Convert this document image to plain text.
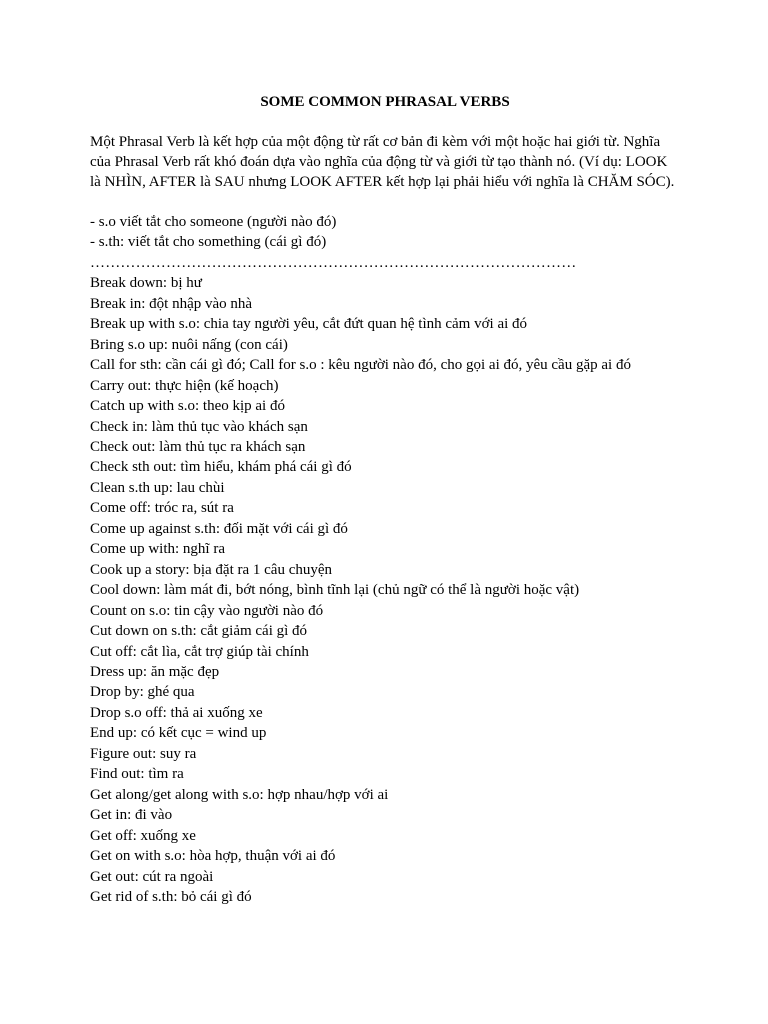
SOME COMMON PHRASAL VERBS
Một Phrasal Verb là kết hợp của một động từ rất cơ bản đi kèm với một hoặc hai giới từ. Nghĩa của Phrasal Verb rất khó đoán dựa vào nghĩa của động từ và giới từ tạo thành nó. (Ví dụ: LOOK là NHÌN, AFTER là SAU nhưng LOOK AFTER kết hợp lại phải hiểu với nghĩa là CHĂM SÓC).
- s.o viết tắt cho someone (người nào đó)
- s.th: viết tắt cho something (cái gì đó)
……………………………………………………………………………………
Break down: bị hư
Break in: đột nhập vào nhà
Break up with s.o: chia tay người yêu, cắt đứt quan hệ tình cảm với ai đó
Bring s.o up: nuôi nấng (con cái)
Call for sth: cần cái gì đó; Call for s.o : kêu người nào đó, cho gọi ai đó, yêu cầu gặp ai đó
Carry out: thực hiện (kế hoạch)
Catch up with s.o: theo kịp ai đó
Check in: làm thủ tục vào khách sạn
Check out: làm thủ tục ra khách sạn
Check sth out: tìm hiểu, khám phá cái gì đó
Clean s.th up: lau chùi
Come off: tróc ra, sút ra
Come up against s.th: đối mặt với cái gì đó
Come up with: nghĩ ra
Cook up a story: bịa đặt ra 1 câu chuyện
Cool down: làm mát đi, bớt nóng, bình tĩnh lại (chủ ngữ có thể là người hoặc vật)
Count on s.o: tin cậy vào người nào đó
Cut down on s.th: cắt giảm cái gì đó
Cut off: cắt lìa, cắt trợ giúp tài chính
Dress up: ăn mặc đẹp
Drop by: ghé qua
Drop s.o off: thả ai xuống xe
End up: có kết cục = wind up
Figure out: suy ra
Find out: tìm ra
Get along/get along with s.o: hợp nhau/hợp với ai
Get in: đi vào
Get off: xuống xe
Get on with s.o: hòa hợp, thuận với ai đó
Get out: cút ra ngoài
Get rid of s.th: bỏ cái gì đó
